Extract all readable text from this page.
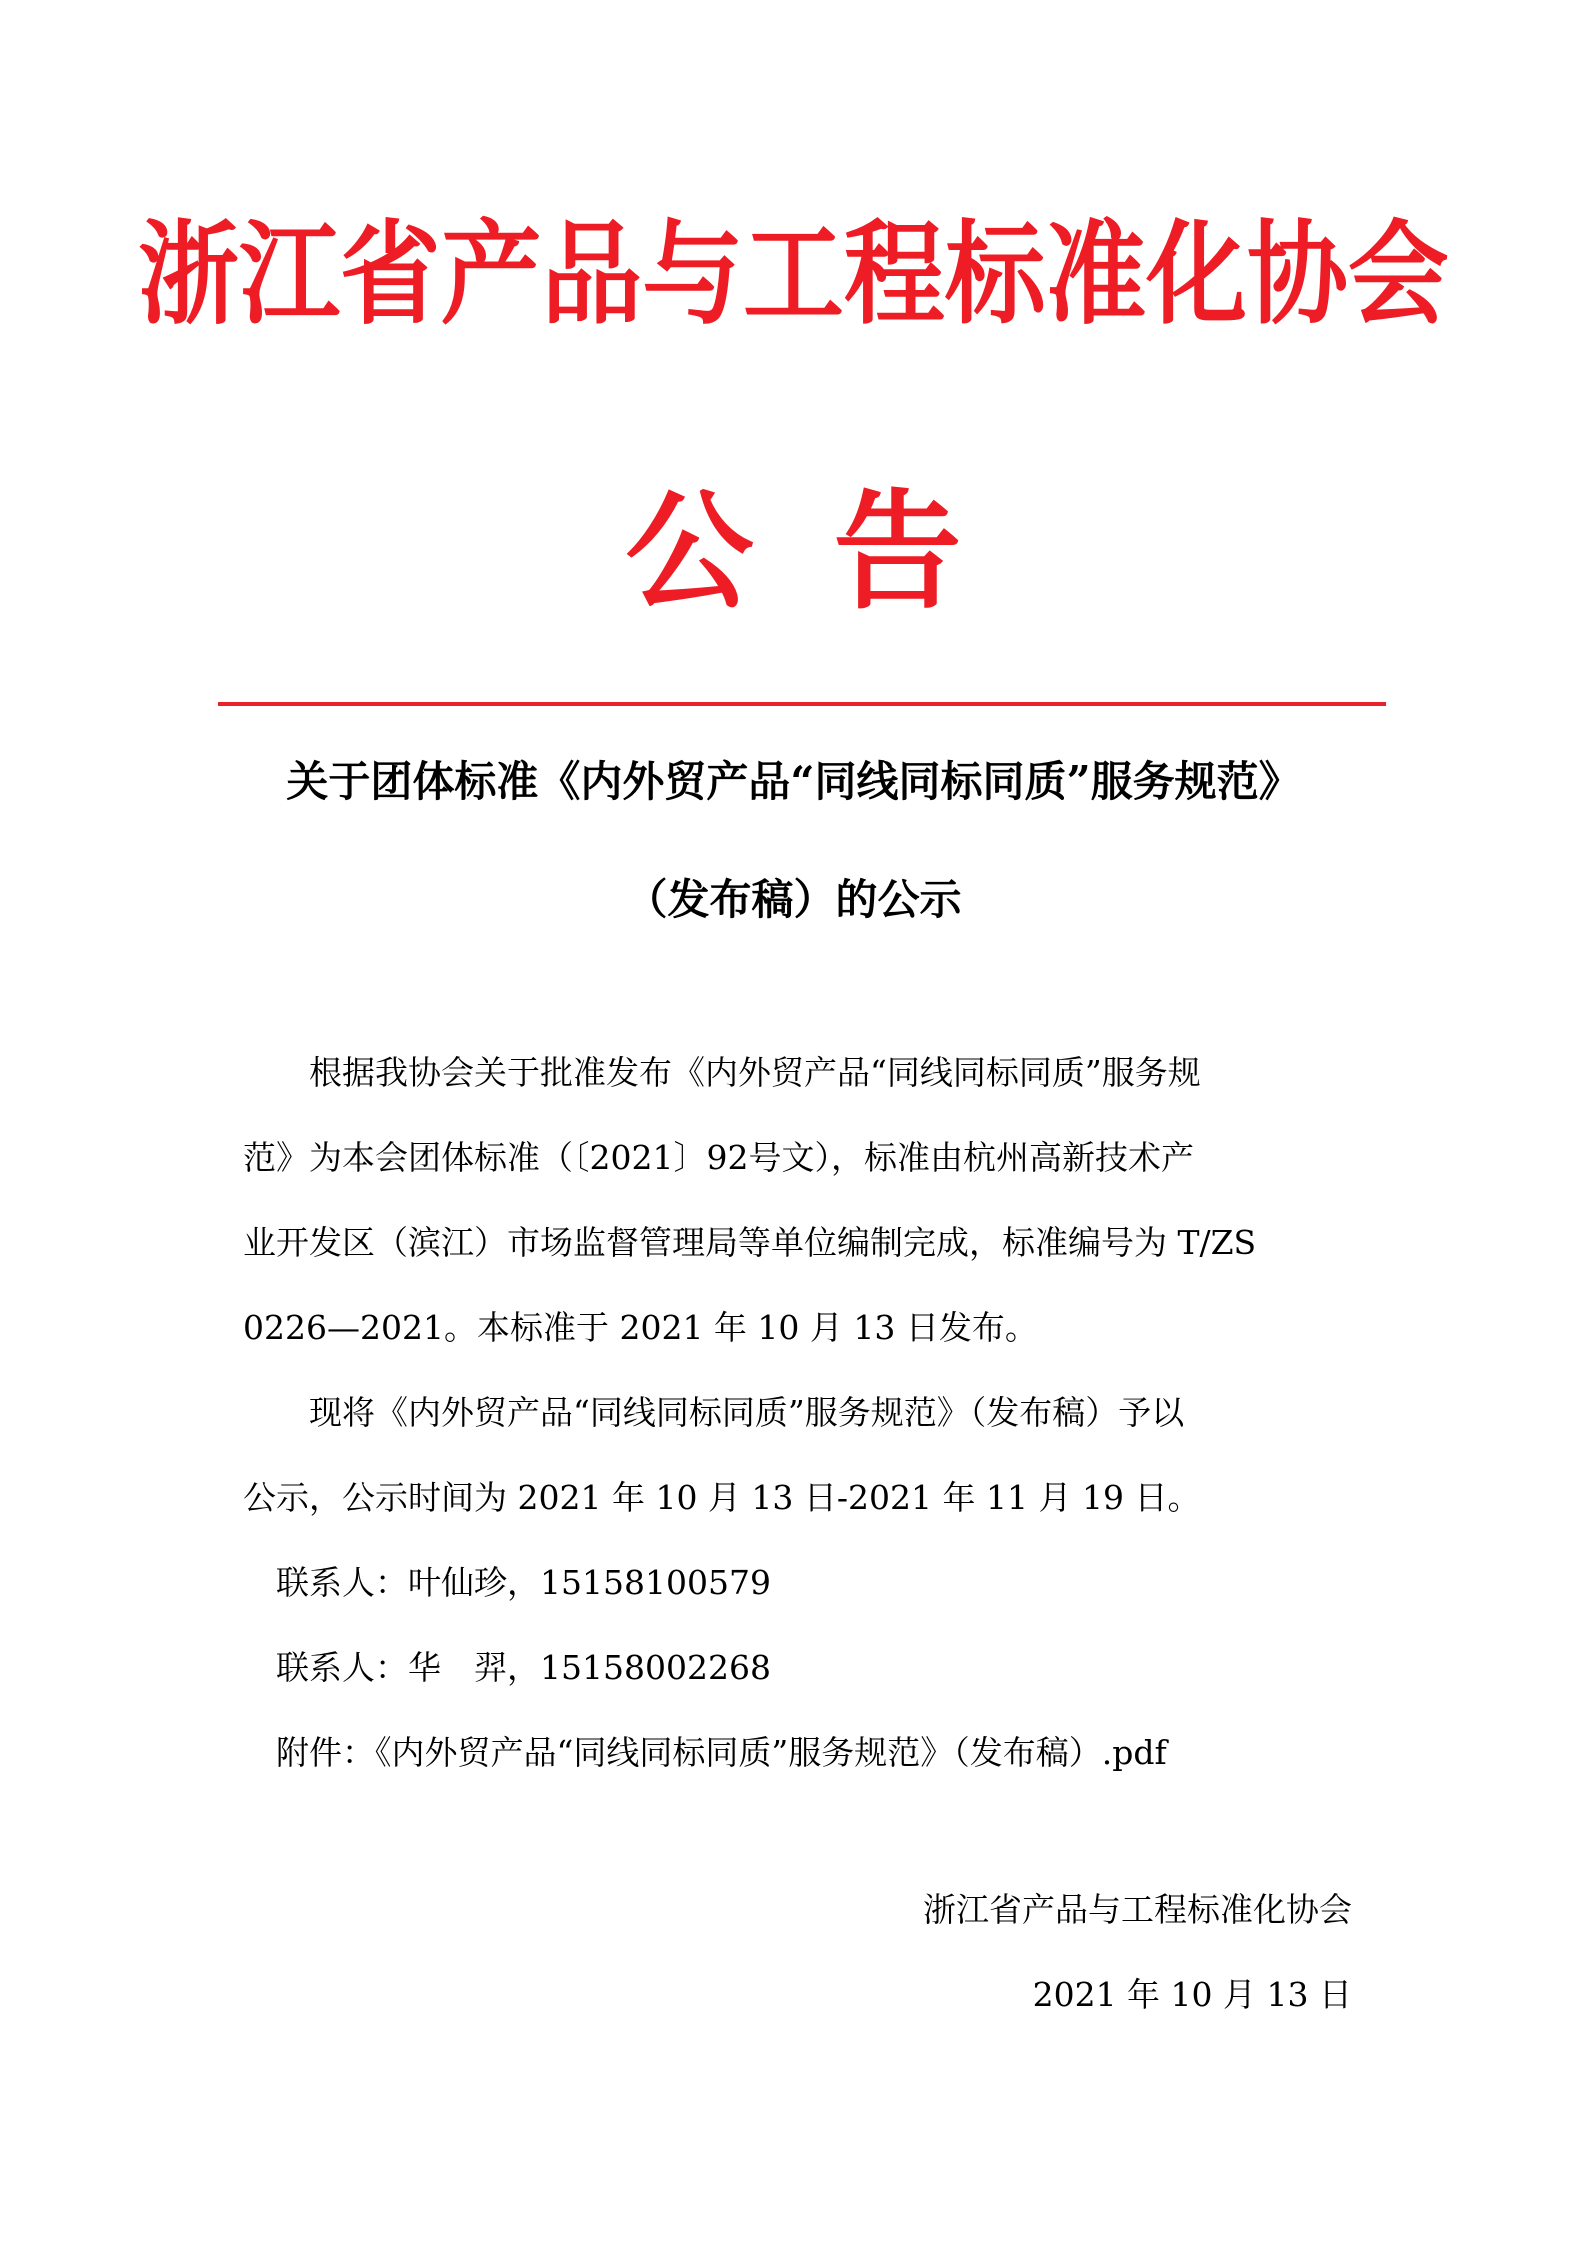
浙江省产品与工程标准化协会
公告
关于团体标准《内外贸产品“同线同标同质”服务规范》
（发布稿）的公示
　　根据我协会关于批准发布《内外贸产品“同线同标同质”服务规
范》为本会团体标准（〔2021〕92号文），标准由杭州高新技术产
业开发区（滨江）市场监督管理局等单位编制完成，标准编号为 T/ZS
0226—2021。本标准于 2021 年 10 月 13 日发布。
　　现将《内外贸产品“同线同标同质”服务规范》（发布稿）予以
公示，公示时间为 2021 年 10 月 13 日-2021 年 11 月 19 日。
　联系人：叶仙珍，15158100579
　联系人：华　羿，15158002268
　附件：《内外贸产品“同线同标同质”服务规范》（发布稿）.pdf
浙江省产品与工程标准化协会
2021 年 10 月 13 日
